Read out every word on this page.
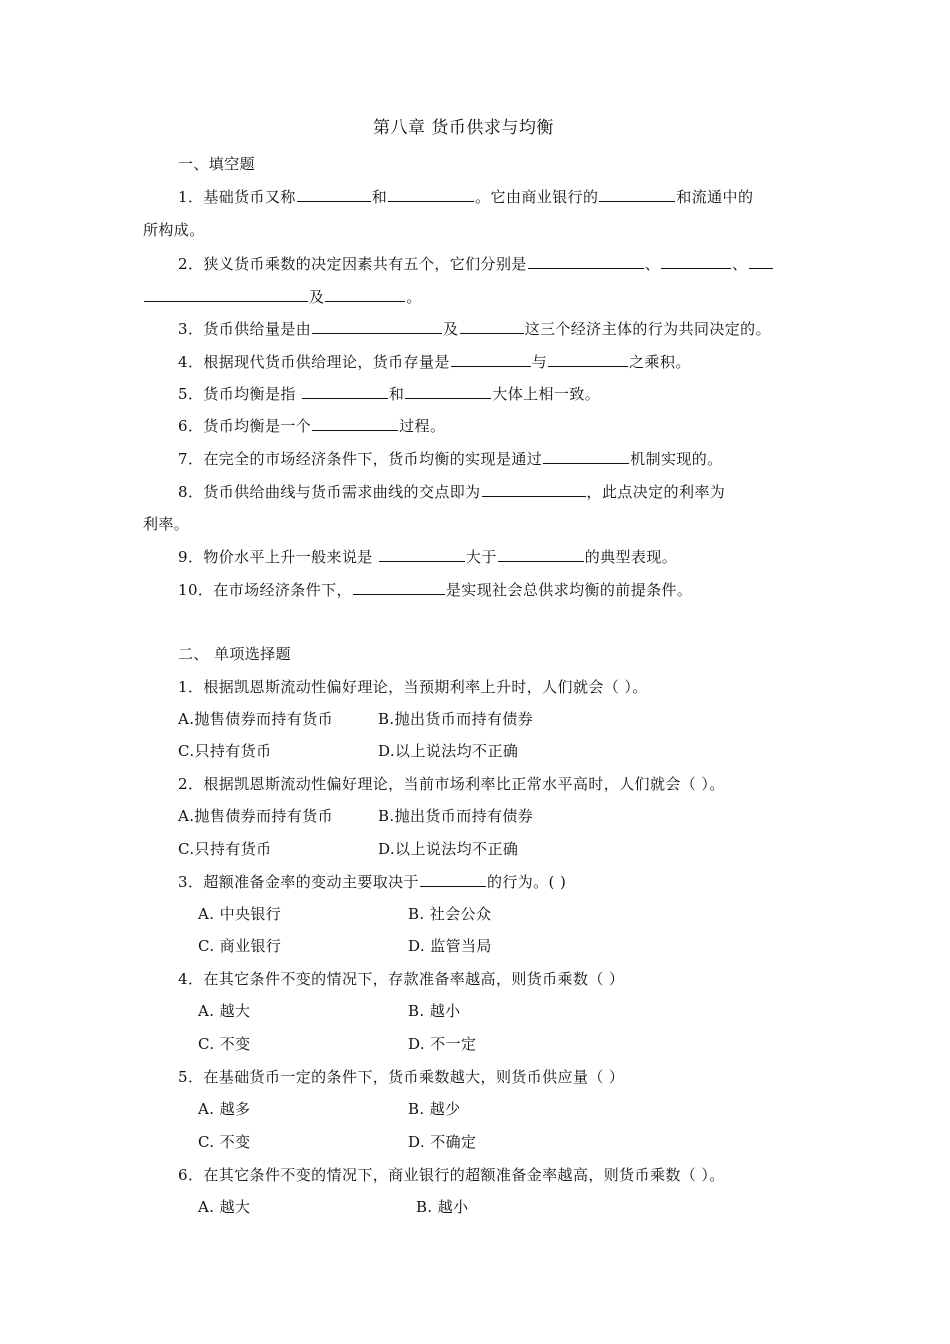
第八章 货币供求与均衡
一、填空题
1．基础货币又称	和	。它由商业银行的	和流通中的
所构成。
2．狭义货币乘数的决定因素共有五个，它们分别是	、	、
及	。
3．货币供给量是由	及	这三个经济主体的行为共同决定的。
4．根据现代货币供给理论，货币存量是	与	之乘积。
5．货币均衡是指	和	大体上相一致。
6．货币均衡是一个	过程。
7．在完全的市场经济条件下，货币均衡的实现是通过	机制实现的。
8．货币供给曲线与货币需求曲线的交点即为	，此点决定的利率为
利率。
9．物价水平上升一般来说是	大于	的典型表现。
10．在市场经济条件下，	是实现社会总供求均衡的前提条件。
二、 单项选择题
1．根据凯恩斯流动性偏好理论，当预期利率上升时，人们就会（ ）。
A.抛售债券而持有货币	B.抛出货币而持有债券
C.只持有货币	D.以上说法均不正确
2．根据凯恩斯流动性偏好理论，当前市场利率比正常水平高时，人们就会（ ）。
A.抛售债券而持有货币	B.抛出货币而持有债券
C.只持有货币	D.以上说法均不正确
3．超额准备金率的变动主要取决于	的行为。( )
A. 中央银行	B. 社会公众
C. 商业银行	D. 监管当局
4．在其它条件不变的情况下，存款准备率越高，则货币乘数（ ）
A. 越大	B. 越小
C. 不变	D. 不一定
5．在基础货币一定的条件下，货币乘数越大，则货币供应量（ ）
A. 越多	B. 越少
C. 不变	D. 不确定
6．在其它条件不变的情况下，商业银行的超额准备金率越高，则货币乘数（ ）。
A. 越大	B. 越小
